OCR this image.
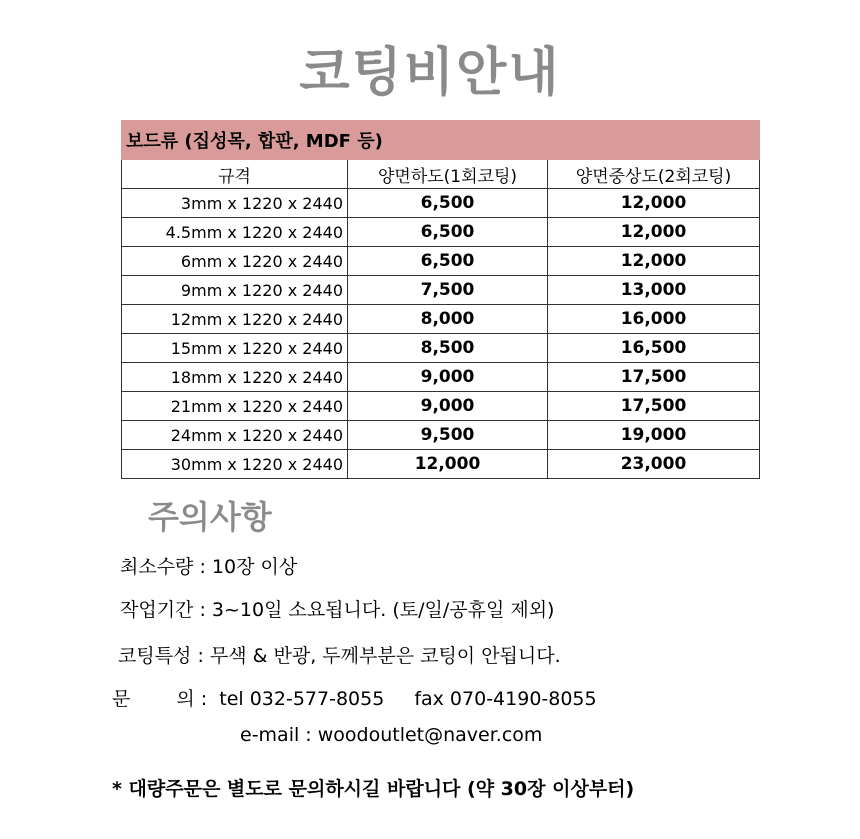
코팅비안내
보드류 (집성목, 합판, MDF 등)		
규격	양면하도(1회코팅)	양면중상도(2회코팅)
3mm x 1220 x 2440	6,500	12,000
4.5mm x 1220 x 2440	6,500	12,000
6mm x 1220 x 2440	6,500	12,000
9mm x 1220 x 2440	7,500	13,000
12mm x 1220 x 2440	8,000	16,000
15mm x 1220 x 2440	8,500	16,500
18mm x 1220 x 2440	9,000	17,500
21mm x 1220 x 2440	9,000	17,500
24mm x 1220 x 2440	9,500	19,000
30mm x 1220 x 2440	12,000	23,000
주의사항
최소수량 : 10장 이상
작업기간 : 3~10일 소요됩니다. (토/일/공휴일 제외)
코팅특성 : 무색 & 반광, 두께부분은 코팅이 안됩니다.
문 의 : tel 032-577-8055 fax 070-4190-8055
e-mail : woodoutlet@naver.com
* 대량주문은 별도로 문의하시길 바랍니다 (약 30장 이상부터)
